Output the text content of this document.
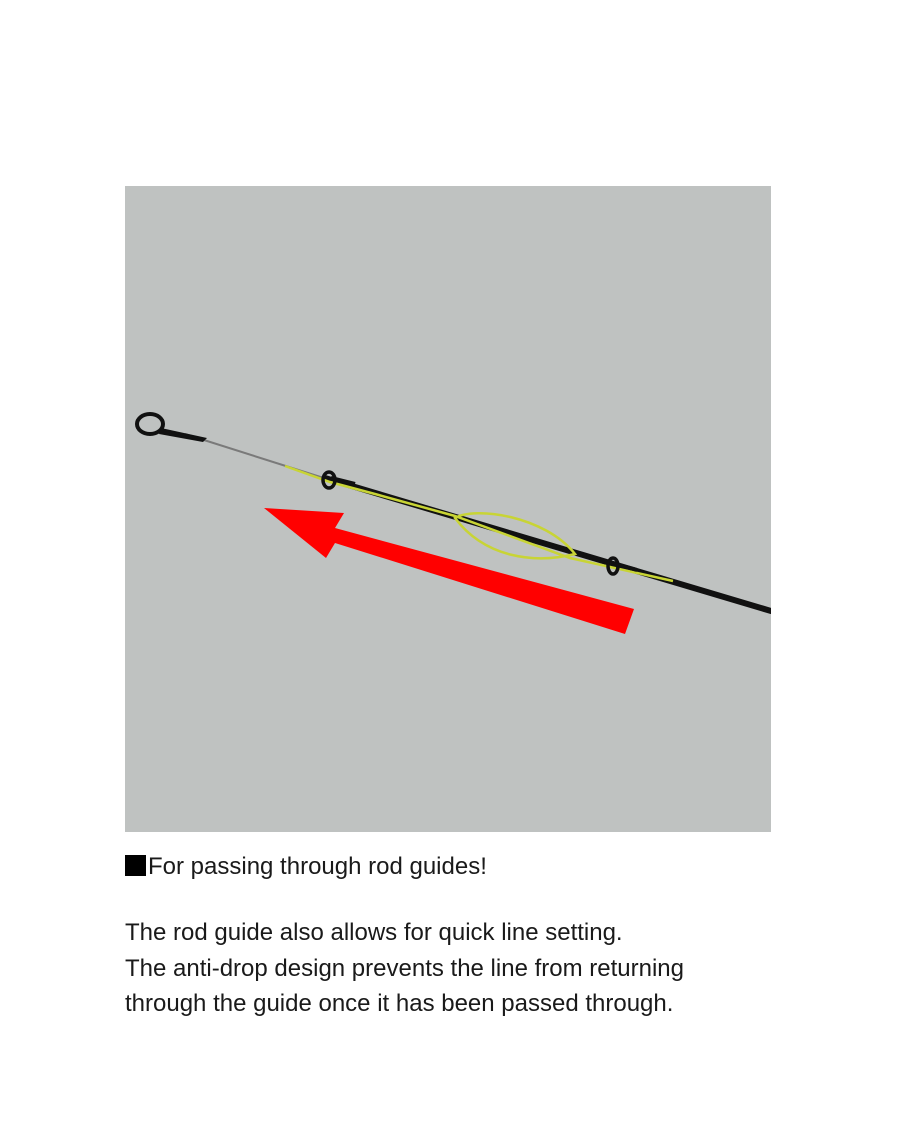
For passing through rod guides!
The rod guide also allows for quick line setting.
The anti-drop design prevents the line from returning
through the guide once it has been passed through.
